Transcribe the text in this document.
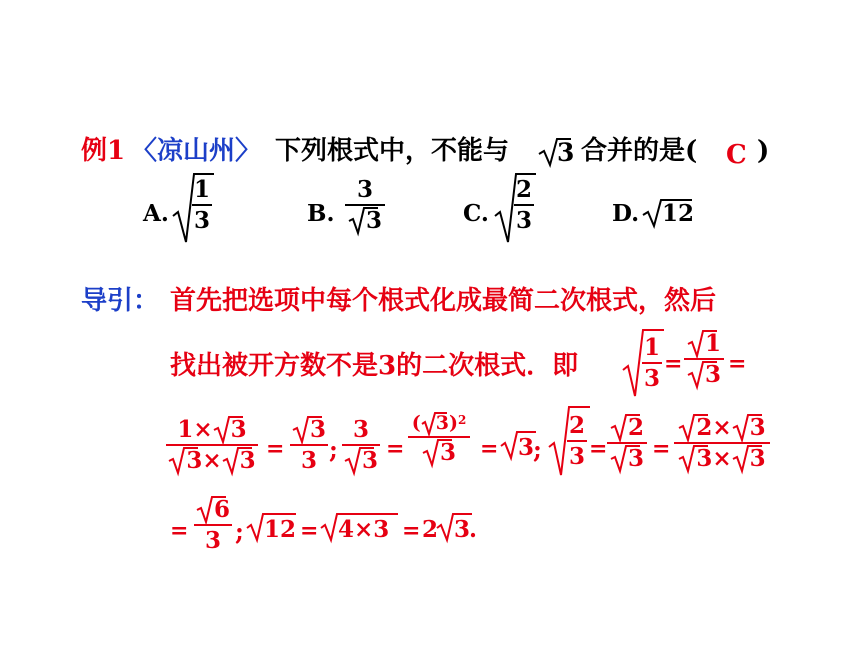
例1 〈凉山州〉 下列根式中，不能与 3 合并的是( C )
A.
1
3	B.
3
3	C.
2
3	D. 12
导引： 首先把选项中每个根式化成最简二次根式，然后
找出被开方数不是3的二次根式．即
1
3
=
1
3 =
1 × 3
3 × 3 =
3
3 ;
3
3 =
( 3 ) 2
3 = 3
;
2
3 =
2
3 =
2 × 3
3 × 3
=
6
3 ; 12 = 4×3 = 2 3
.
